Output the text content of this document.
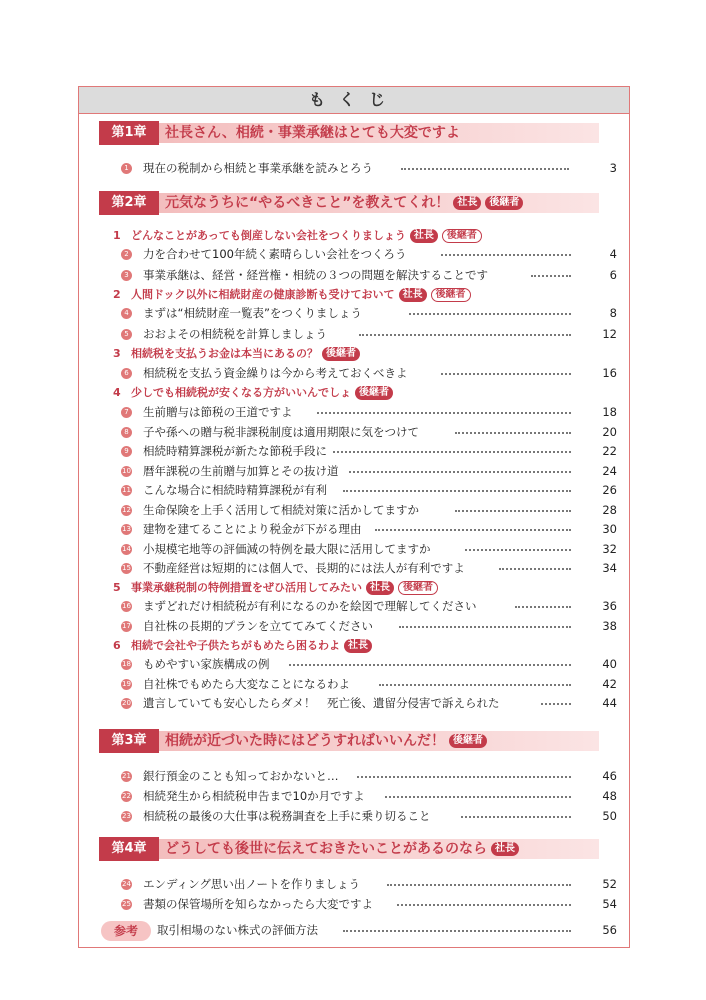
もくじ
第1章	社長さん、相続・事業承継はとても大変ですよ
1 現在の税制から相続と事業承継を読みとろう	3
第2章	元気なうちに“やるべきこと”を教えてくれ！ 社長 後継者
1 どんなことがあっても倒産しない会社をつくりましょう 社長 後継者
2 力を合わせて100年続く素晴らしい会社をつくろう	4
3 事業承継は、経営・経営権・相続の３つの問題を解決することです	6
2 人間ドック以外に相続財産の健康診断も受けておいて 社長 後継者
4 まずは“相続財産一覧表”をつくりましょう	8
5 おおよその相続税を計算しましょう	12
3 相続税を支払うお金は本当にあるの？ 後継者
6 相続税を支払う資金繰りは今から考えておくべきよ	16
4 少しでも相続税が安くなる方がいいんでしょ 後継者
7 生前贈与は節税の王道ですよ	18
8 子や孫への贈与税非課税制度は適用期限に気をつけて	20
9 相続時精算課税が新たな節税手段に	22
10 暦年課税の生前贈与加算とその抜け道	24
11 こんな場合に相続時精算課税が有利	26
12 生命保険を上手く活用して相続対策に活かしてますか	28
13 建物を建てることにより税金が下がる理由	30
14 小規模宅地等の評価減の特例を最大限に活用してますか	32
15 不動産経営は短期的には個人で、長期的には法人が有利ですよ	34
5 事業承継税制の特例措置をぜひ活用してみたい 社長 後継者
16 まずどれだけ相続税が有利になるのかを絵図で理解してください	36
17 自社株の長期的プランを立ててみてください	38
6 相続で会社や子供たちがもめたら困るわよ 社長
18 もめやすい家族構成の例	40
19 自社株でもめたら大変なことになるわよ	42
20 遺言していても安心したらダメ！　死亡後、遺留分侵害で訴えられた	44
第3章	相続が近づいた時にはどうすればいいんだ！ 後継者
21 銀行預金のことも知っておかないと…	46
22 相続発生から相続税申告まで10か月ですよ	48
23 相続税の最後の大仕事は税務調査を上手に乗り切ること	50
第4章	どうしても後世に伝えておきたいことがあるのなら 社長
24 エンディング思い出ノートを作りましょう	52
25 書類の保管場所を知らなかったら大変ですよ	54
参考	取引相場のない株式の評価方法	56
